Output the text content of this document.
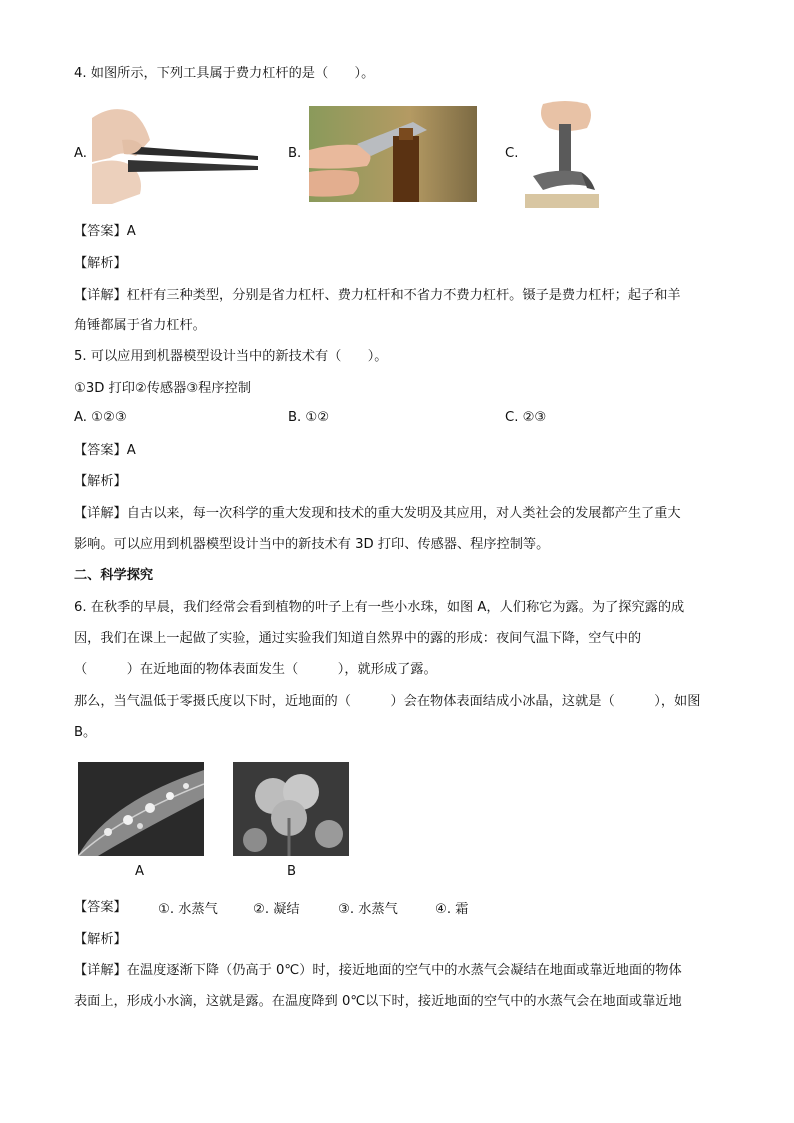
4. 如图所示，下列工具属于费力杠杆的是（　　）。
A.	B.	C.
【答案】A
【解析】
【详解】杠杆有三种类型，分别是省力杠杆、费力杠杆和不省力不费力杠杆。镊子是费力杠杆；起子和羊
角锤都属于省力杠杆。
5. 可以应用到机器模型设计当中的新技术有（　　）。
①3D 打印②传感器③程序控制
A. ①②③	B. ①②	C. ②③
【答案】A
【解析】
【详解】自古以来，每一次科学的重大发现和技术的重大发明及其应用，对人类社会的发展都产生了重大
影响。可以应用到机器模型设计当中的新技术有 3D 打印、传感器、程序控制等。
二、科学探究
6. 在秋季的早晨，我们经常会看到植物的叶子上有一些小水珠，如图 A，人们称它为露。为了探究露的成
因，我们在课上一起做了实验，通过实验我们知道自然界中的露的形成：夜间气温下降，空气中的
（　　　）在近地面的物体表面发生（　　　），就形成了露。
那么，当气温低于零摄氏度以下时，近地面的（　　　）会在物体表面结成小冰晶，这就是（　　　），如图
B。
A	B
【答案】 ①. 水蒸气	②. 凝结	③. 水蒸气	④. 霜
【解析】
【详解】在温度逐渐下降（仍高于 0℃）时，接近地面的空气中的水蒸气会凝结在地面或靠近地面的物体
表面上，形成小水滴，这就是露。在温度降到 0℃以下时，接近地面的空气中的水蒸气会在地面或靠近地
